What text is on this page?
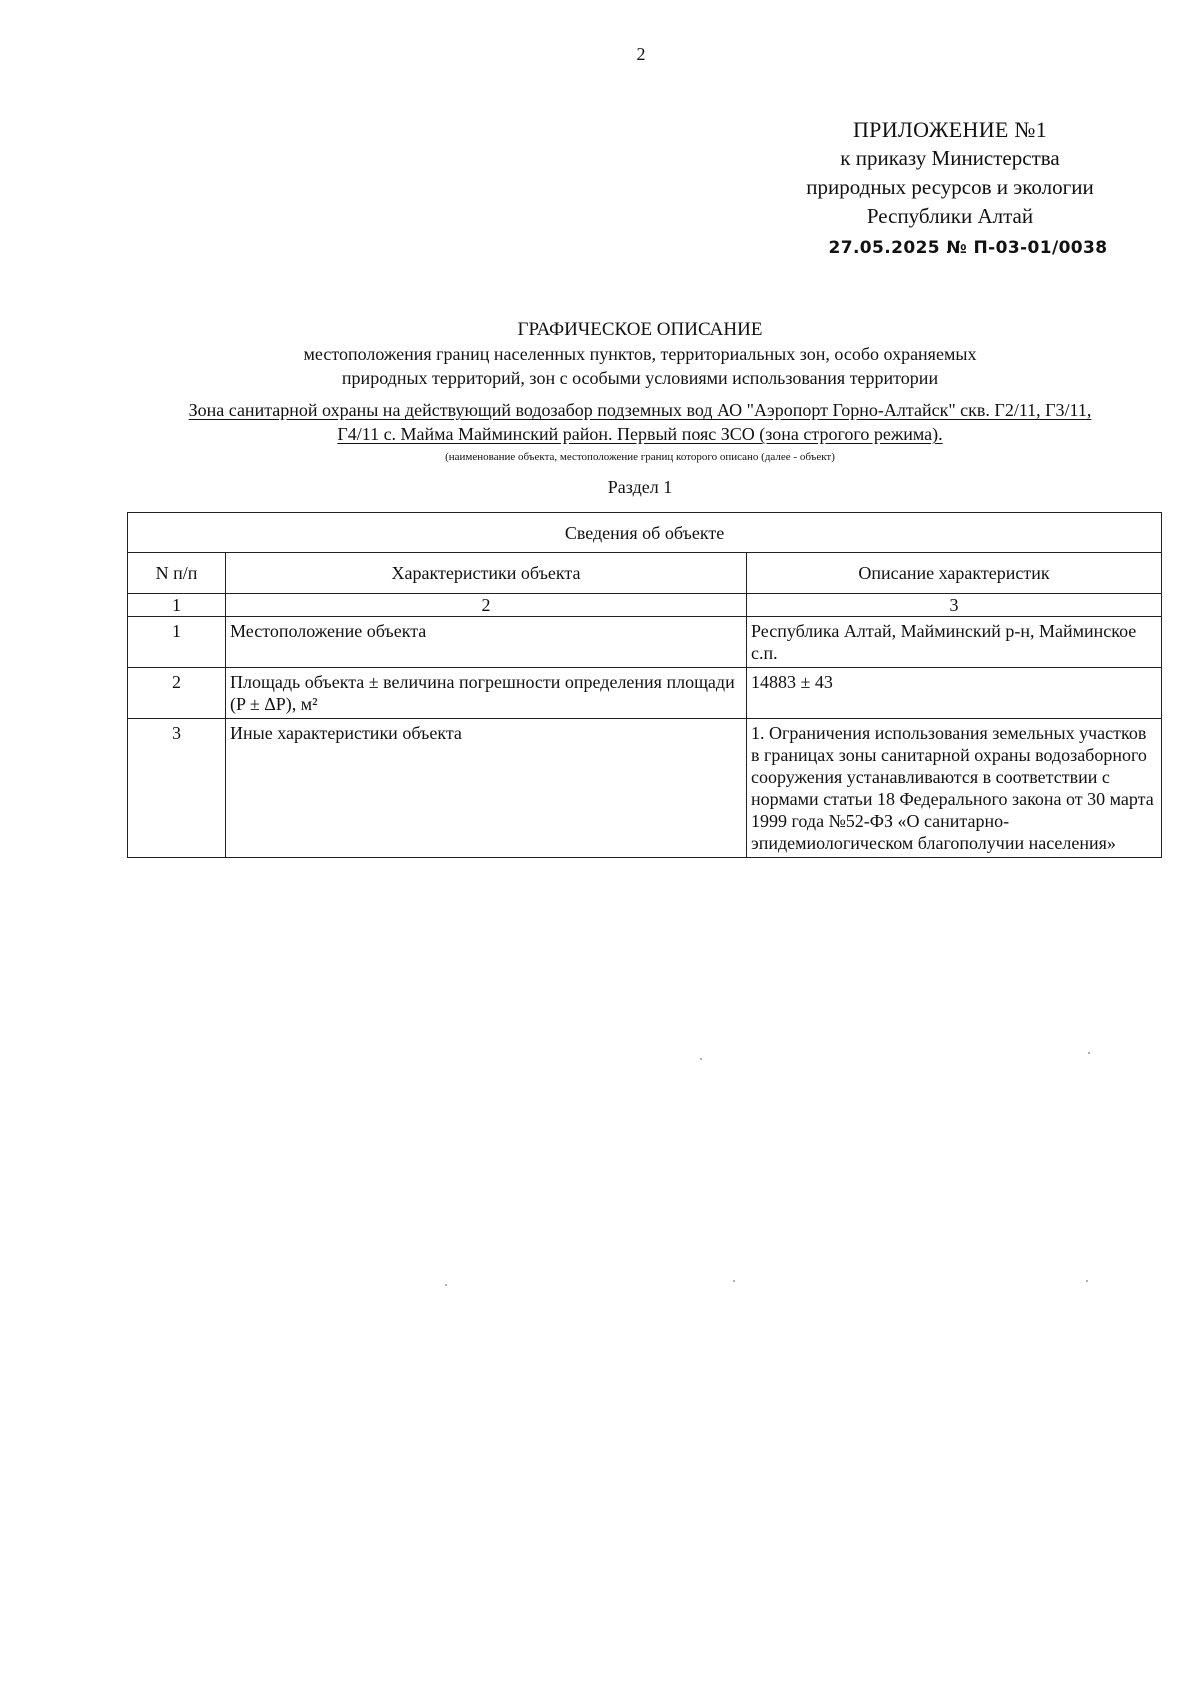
2
ПРИЛОЖЕНИЕ №1
к приказу Министерства
природных ресурсов и экологии
Республики Алтай
27.05.2025 № П-03-01/0038
ГРАФИЧЕСКОЕ ОПИСАНИЕ
местоположения границ населенных пунктов, территориальных зон, особо охраняемых
природных территорий, зон с особыми условиями использования территории
Зона санитарной охраны на действующий водозабор подземных вод АО "Аэропорт Горно-Алтайск" скв. Г2/11, Г3/11,
Г4/11 с. Майма Майминский район. Первый пояс ЗСО (зона строгого режима).
(наименование объекта, местоположение границ которого описано (далее - объект)
Раздел 1
Сведения об объекте		
N п/п	Характеристики объекта	Описание характеристик
1	2	3
1	Местоположение объекта	Республика Алтай, Майминский р-н, Майминское с.п.
2	Площадь объекта ± величина погрешности определения площади (P ± ΔP), м²	14883 ± 43
3	Иные характеристики объекта	1. Ограничения использования земельных участков в границах зоны санитарной охраны водозаборного сооружения устанавливаются в соответствии с нормами статьи 18 Федерального закона от 30 марта 1999 года №52-ФЗ «О санитарно-эпидемиологическом благополучии населения»
